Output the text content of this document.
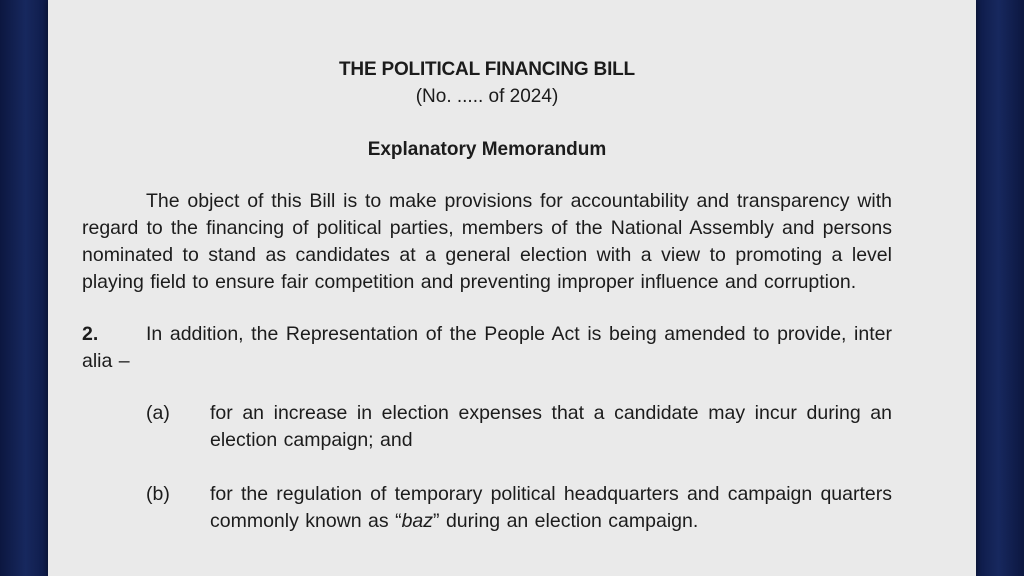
THE POLITICAL FINANCING BILL

(No. ..... of 2024)

Explanatory Memorandum

The object of this Bill is to make provisions for accountability and transparency with regard to the financing of political parties, members of the National Assembly and persons nominated to stand as candidates at a general election with a view to promoting a level playing field to ensure fair competition and preventing improper influence and corruption.

2. In addition, the Representation of the People Act is being amended to provide, inter alia –

(a) for an increase in election expenses that a candidate may incur during an election campaign; and
(b) for the regulation of temporary political headquarters and campaign quarters commonly known as “baz” during an election campaign.
